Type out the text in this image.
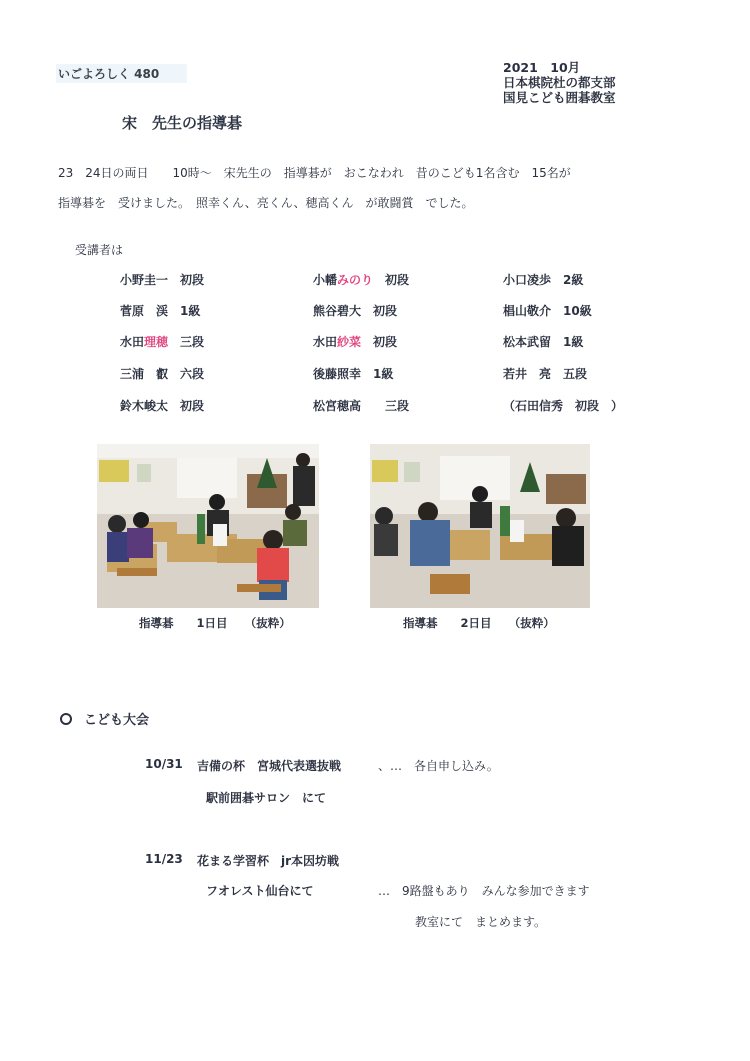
いごよろしく 480	2021　10月
日本棋院杜の都支部
国見こども囲碁教室
宋　先生の指導碁
23　24日の両日　　10時～　宋先生の　指導碁が　おこなわれ　昔のこども1名含む　15名が
指導碁を　受けました。　照幸くん、亮くん、穂高くん　が敢闘賞　でした。
受講者は
小野圭一　初段	小幡みのり　初段	小口凌歩　2級
菅原　渓　1級	熊谷碧大　初段	椙山敬介　10級
水田理穂　三段	水田紗菜　初段	松本武留　1級
三浦　叡　六段	後藤照幸　1級	若井　亮　五段
鈴木峻太　初段	松宮穂高　　三段	（石田信秀　初段　）
指導碁　　1日目　　（抜粋）	指導碁　　2日目　　（抜粋）
こども大会
10/31 吉備の杯　宮城代表選抜戦	、…　各自申し込み。
駅前囲碁サロン　にて
11/23 花まる学習杯　jr本因坊戦
フオレスト仙台にて	…　9路盤もあり　みんな参加できます
教室にて　まとめます。
